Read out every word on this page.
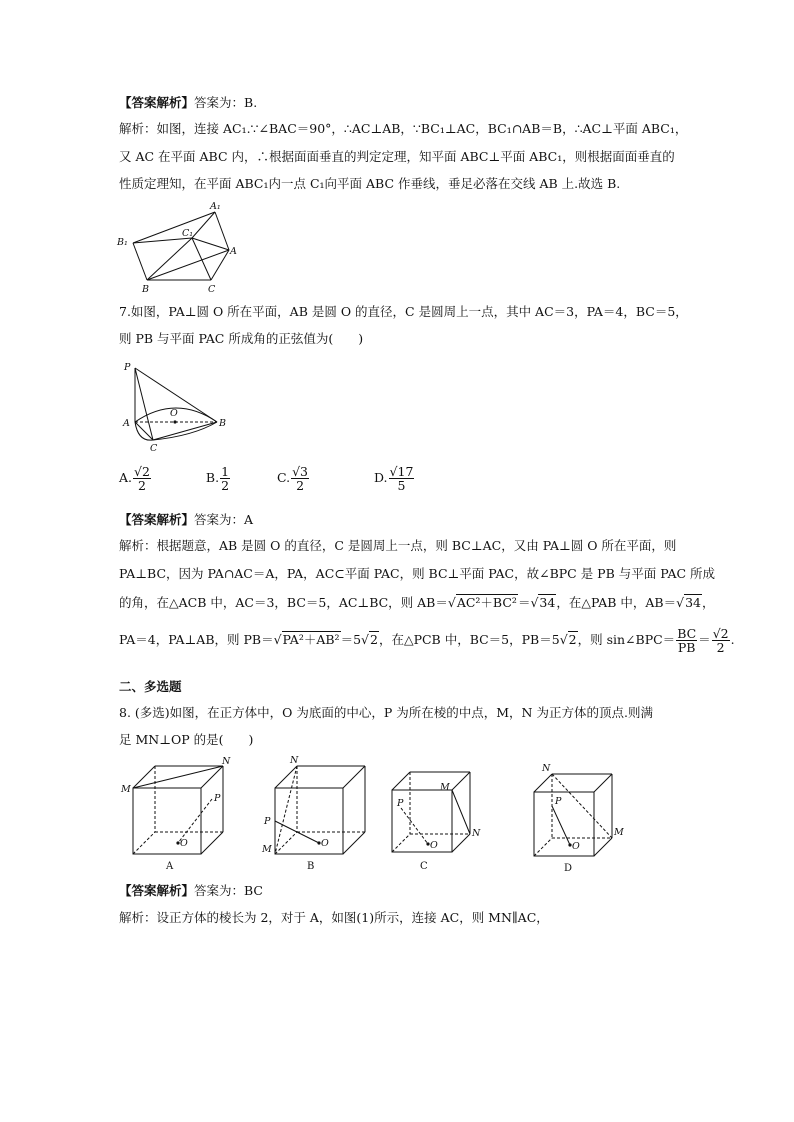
【答案解析】答案为：B.
解析：如图，连接 AC₁.∵∠BAC＝90°，∴AC⊥AB，∵BC₁⊥AC，BC₁∩AB＝B，∴AC⊥平面 ABC₁，
又 AC 在平面 ABC 内，∴根据面面垂直的判定定理，知平面 ABC⊥平面 ABC₁，则根据面面垂直的
性质定理知，在平面 ABC₁内一点 C₁向平面 ABC 作垂线，垂足必落在交线 AB 上.故选 B.
A₁
B₁
C₁
A
B	C
7.如图，PA⊥圆 O 所在平面，AB 是圆 O 的直径，C 是圆周上一点，其中 AC＝3，PA＝4，BC＝5，
则 PB 与平面 PAC 所成角的正弦值为(　　)
P
O
A	B
C
A. $\frac{√2}{2}$	B. $\frac{1}{2}$	C. $\frac{√3}{2}$	D. $\frac{√17}{5}$
【答案解析】答案为：A
解析：根据题意，AB 是圆 O 的直径，C 是圆周上一点，则 BC⊥AC，又由 PA⊥圆 O 所在平面，则
PA⊥BC，因为 PA∩AC＝A，PA，AC⊂平面 PAC，则 BC⊥平面 PAC，故∠BPC 是 PB 与平面 PAC 所成
的角，在△ACB 中，AC＝3，BC＝5，AC⊥BC，则 AB＝√AC²＋BC²＝√34，在△PAB 中，AB＝√34，
PA＝4，PA⊥AB，则 PB＝√PA²＋AB²＝5√2，在△PCB 中，BC＝5，PB＝5√2，则 sin∠BPC＝ $\frac{BC}{PB} = \frac{√2}{2}$ .
二、多选题
8. (多选)如图，在正方体中，O 为底面的中心，P 为所在棱的中点，M，N 为正方体的顶点.则满
足 MN⊥OP 的是(　　)
M
N
P
O
A
N
P
M
O
B
M
P
N
O
C
N
P
M
O
D
【答案解析】答案为：BC
解析：设正方体的棱长为 2，对于 A，如图(1)所示，连接 AC，则 MN∥AC，
